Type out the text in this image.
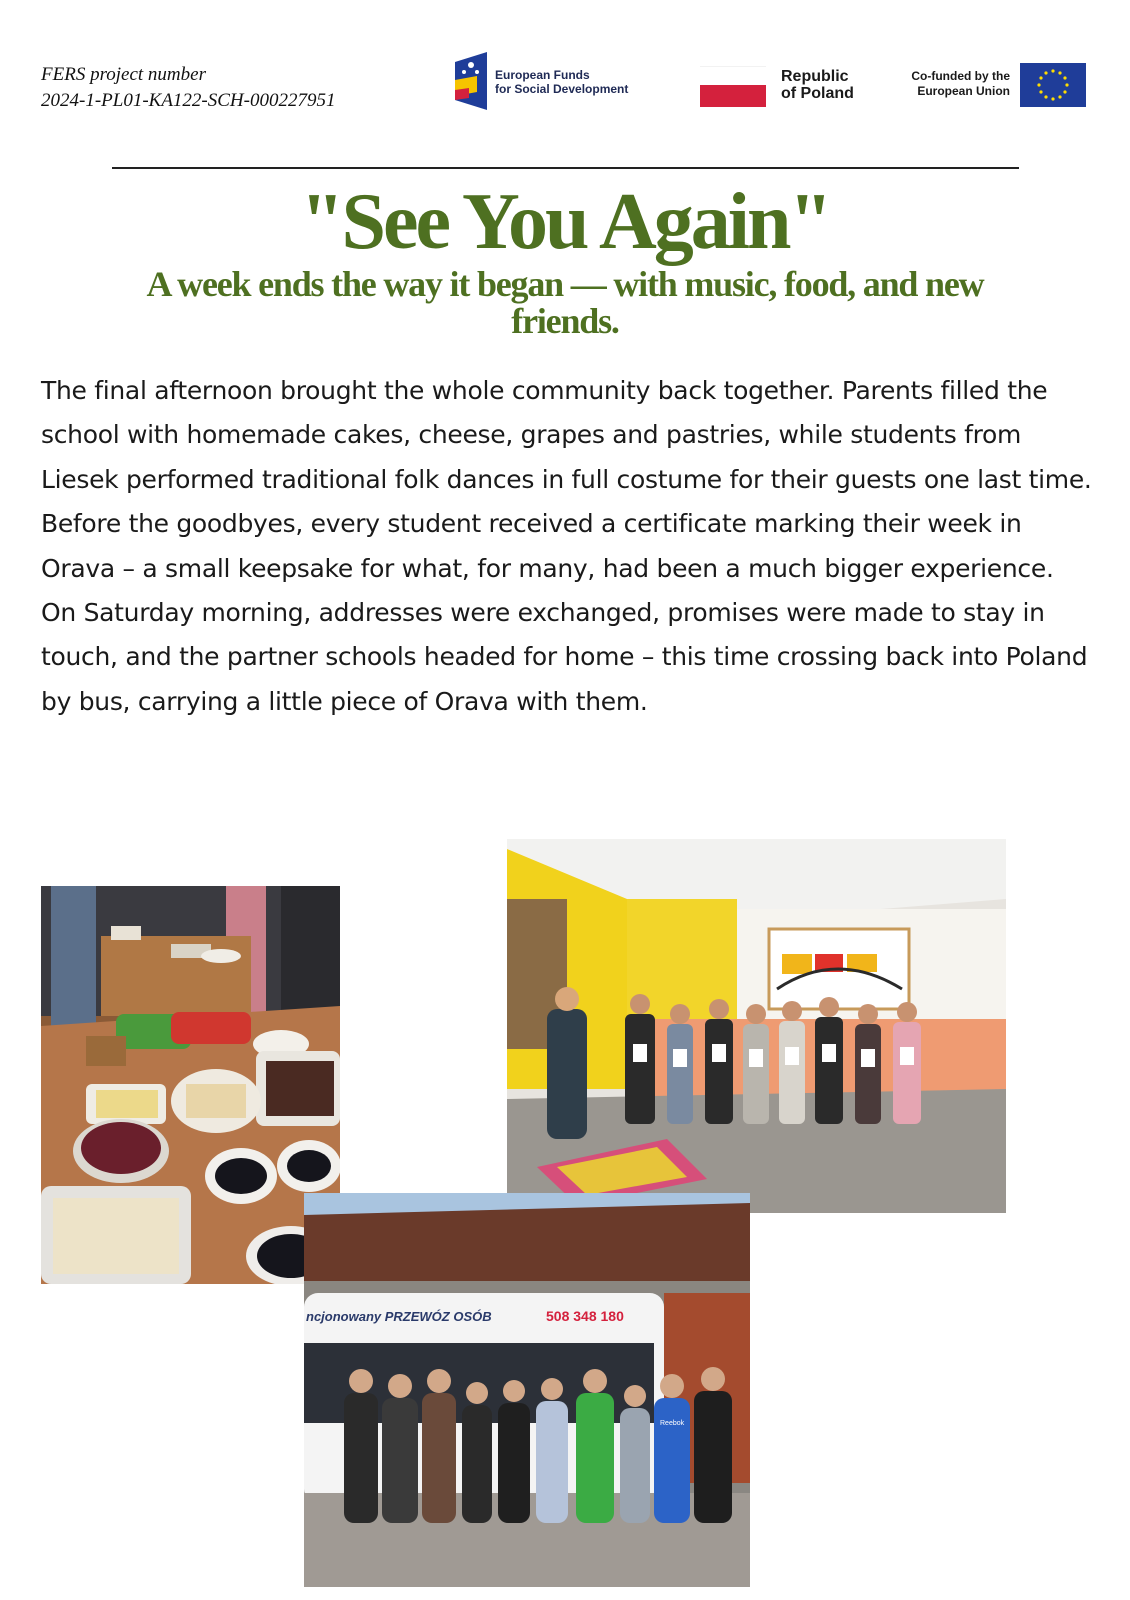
FERS project number
2024-1-PL01-KA122-SCH-000227951
European Funds
for Social Development
Republic
of Poland
Co-funded by the
European Union
"See You Again"
A week ends the way it began — with music, food, and new friends.

The final afternoon brought the whole community back together. Parents filled the school with homemade cakes, cheese, grapes and pastries, while students from Liesek performed traditional folk dances in full costume for their guests one last time.

Before the goodbyes, every student received a certificate marking their week in Orava – a small keepsake for what, for many, had been a much bigger experience.

On Saturday morning, addresses were exchanged, promises were made to stay in touch, and the partner schools headed for home – this time crossing back into Poland by bus, carrying a little piece of Orava with them.

ncjonowany PRZEWÓZ OSÓB	508 348 180
Reebok
